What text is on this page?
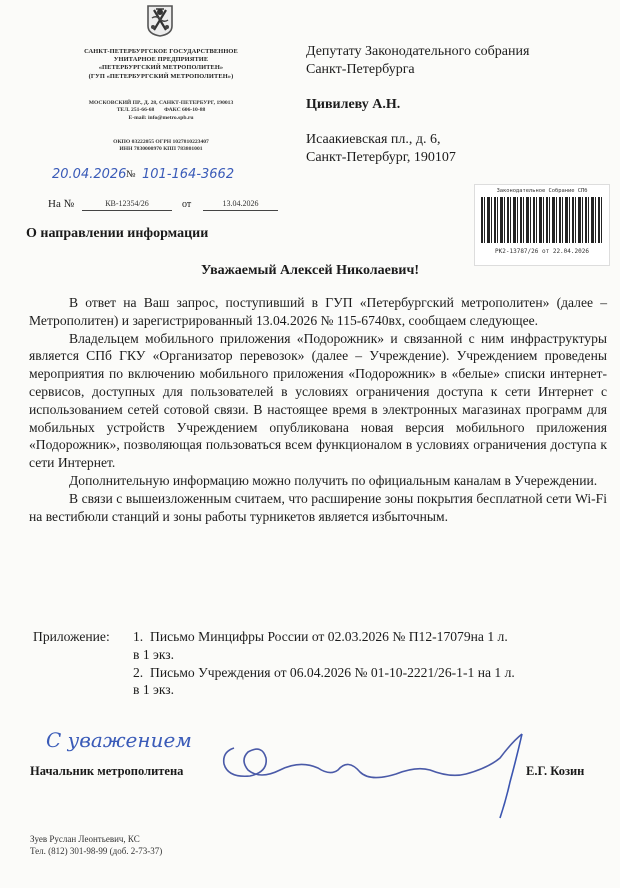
САНКТ-ПЕТЕРБУРГСКОЕ ГОСУДАРСТВЕННОЕ
УНИТАРНОЕ ПРЕДПРИЯТИЕ
«ПЕТЕРБУРГСКИЙ МЕТРОПОЛИТЕН»
(ГУП «ПЕТЕРБУРГСКИЙ МЕТРОПОЛИТЕН»)
МОСКОВСКИЙ ПР., Д. 28, САНКТ-ПЕТЕРБУРГ, 190013
ТЕЛ. 251-66-68 ФАКС 606-10-88
E-mail: info@metro.spb.ru
ОКПО 03222055 ОГРН 1027810223407
ИНН 7830000970 КПП 783801001
20.04.2026 № 101-164-3662
На №	КВ-12354/26	от	13.04.2026
О направлении информации
Депутату Законодательного собрания
Санкт-Петербурга
Цивилеву А.Н.
Исаакиевская пл., д. 6,
Санкт-Петербург, 190107
Законодательное Собрание СПб
РК2-13787/26 от 22.04.2026
Уважаемый Алексей Николаевич!

В ответ на Ваш запрос, поступивший в ГУП «Петербургский метрополитен» (далее – Метрополитен) и зарегистрированный 13.04.2026 № 115-6740вх, сообщаем следующее.

Владельцем мобильного приложения «Подорожник» и связанной с ним инфраструктуры является СПб ГКУ «Организатор перевозок» (далее – Учреждение). Учреждением проведены мероприятия по включению мобильного приложения «Подорожник» в «белые» списки интернет-сервисов, доступных для пользователей в условиях ограничения доступа к сети Интернет с использованием сетей сотовой связи. В настоящее время в электронных магазинах программ для мобильных устройств Учреждением опубликована новая версия мобильного приложения «Подорожник», позволяющая пользоваться всем функционалом в условиях ограничения доступа к сети Интернет.

Дополнительную информацию можно получить по официальным каналам в Учереждении.

В связи с вышеизложенным считаем, что расширение зоны покрытия бесплатной сети Wi-Fi на вестибюли станций и зоны работы турникетов является избыточным.

Приложение: 1. Письмо Минцифры России от 02.03.2026 № П12-17079на 1 л.
в 1 экз.
2. Письмо Учреждения от 06.04.2026 № 01-10-2221/26-1-1 на 1 л.
в 1 экз.
С уважением
Начальник метрополитена	Е.Г. Козин
Зуев Руслан Леонтьевич, КС
Тел. (812) 301-98-99 (доб. 2-73-37)
